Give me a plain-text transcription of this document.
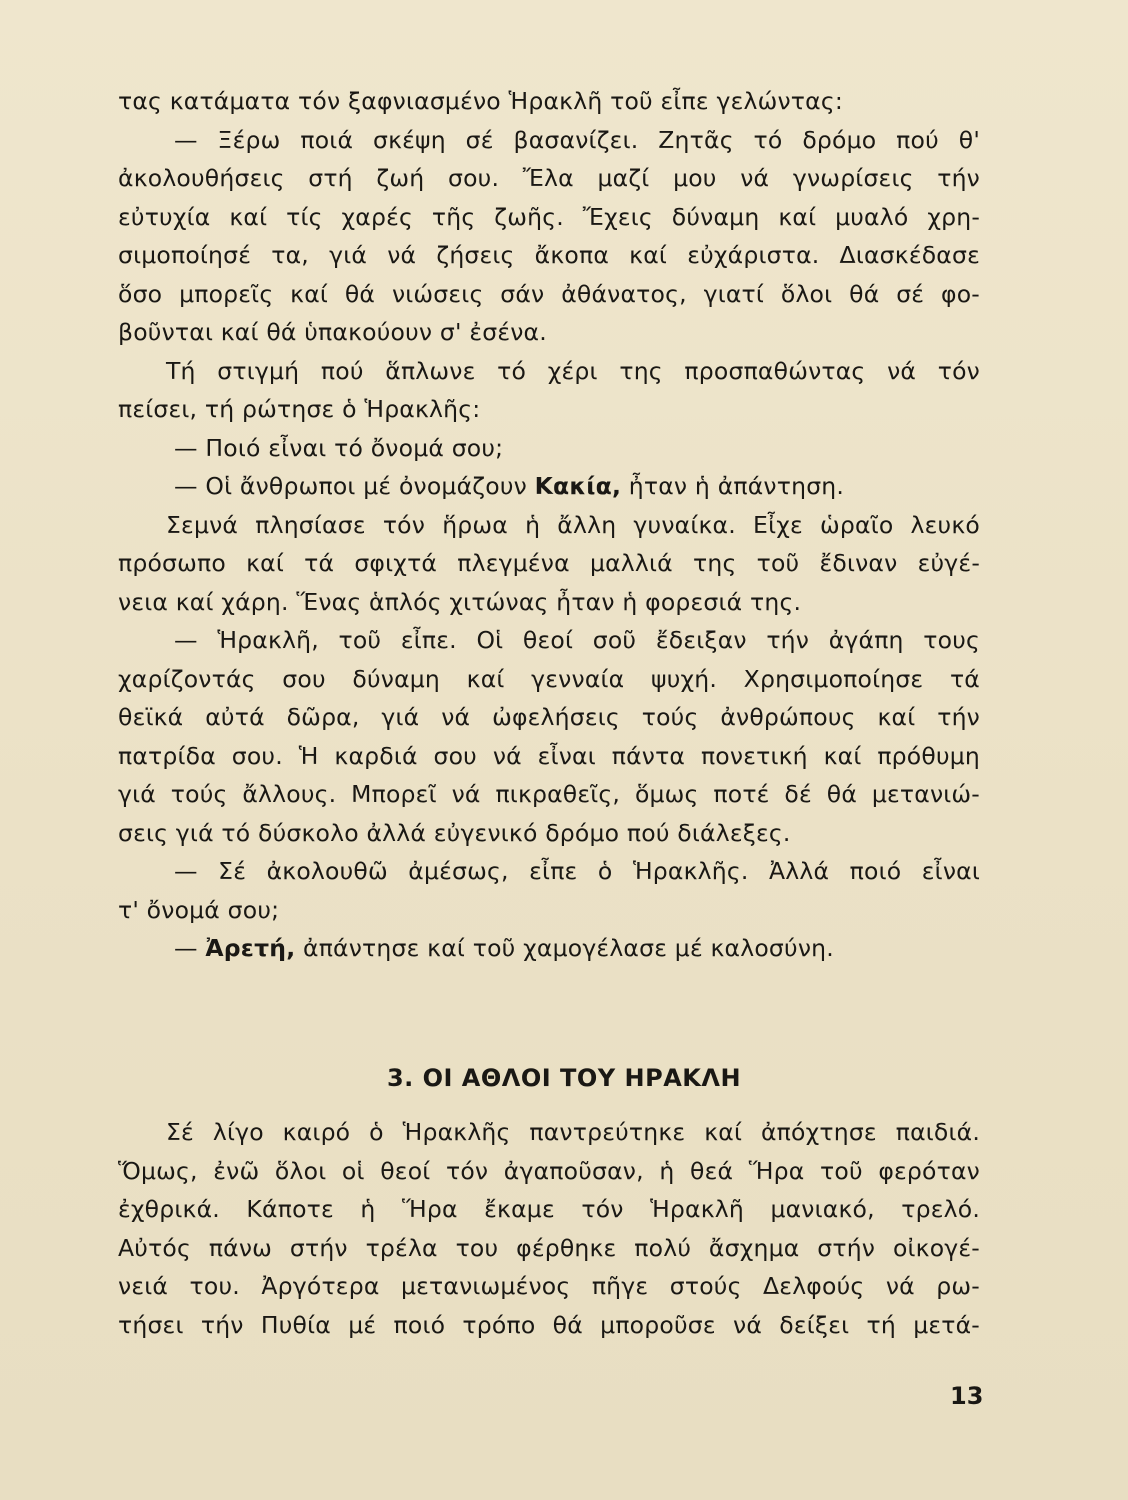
τας κατάματα τόν ξαφνιασμένο Ἡρακλῆ τοῦ εἶπε γελώντας:
— Ξέρω ποιά σκέψη σέ βασανίζει. Ζητᾶς τό δρόμο πού θ'
ἀκολουθήσεις στή ζωή σου. Ἔλα μαζί μου νά γνωρίσεις τήν
εὐτυχία καί τίς χαρές τῆς ζωῆς. Ἔχεις δύναμη καί μυαλό χρη-
σιμοποίησέ τα, γιά νά ζήσεις ἄκοπα καί εὐχάριστα. Διασκέδασε
ὅσο μπορεῖς καί θά νιώσεις σάν ἀθάνατος, γιατί ὅλοι θά σέ φο-
βοῦνται καί θά ὑπακούουν σ' ἐσένα.
Τή στιγμή πού ἅπλωνε τό χέρι της προσπαθώντας νά τόν
πείσει, τή ρώτησε ὁ Ἡρακλῆς:
— Ποιό εἶναι τό ὄνομά σου;
— Οἱ ἄνθρωποι μέ ὀνομάζουν Κακία, ἦταν ἡ ἀπάντηση.
Σεμνά πλησίασε τόν ἥρωα ἡ ἄλλη γυναίκα. Εἶχε ὡραῖο λευκό
πρόσωπο καί τά σφιχτά πλεγμένα μαλλιά της τοῦ ἔδιναν εὐγέ-
νεια καί χάρη. Ἕνας ἁπλός χιτώνας ἦταν ἡ φορεσιά της.
— Ἡρακλῆ, τοῦ εἶπε. Οἱ θεοί σοῦ ἔδειξαν τήν ἀγάπη τους
χαρίζοντάς σου δύναμη καί γενναία ψυχή. Χρησιμοποίησε τά
θεϊκά αὐτά δῶρα, γιά νά ὠφελήσεις τούς ἀνθρώπους καί τήν
πατρίδα σου. Ἡ καρδιά σου νά εἶναι πάντα πονετική καί πρόθυμη
γιά τούς ἄλλους. Μπορεῖ νά πικραθεῖς, ὅμως ποτέ δέ θά μετανιώ-
σεις γιά τό δύσκολο ἀλλά εὐγενικό δρόμο πού διάλεξες.
— Σέ ἀκολουθῶ ἀμέσως, εἶπε ὁ Ἡρακλῆς. Ἀλλά ποιό εἶναι
τ' ὄνομά σου;
— Ἀρετή, ἀπάντησε καί τοῦ χαμογέλασε μέ καλοσύνη.
3. ΟΙ ΑΘΛΟΙ ΤΟΥ ΗΡΑΚΛΗ
Σέ λίγο καιρό ὁ Ἡρακλῆς παντρεύτηκε καί ἀπόχτησε παιδιά.
Ὅμως, ἐνῶ ὅλοι οἱ θεοί τόν ἀγαποῦσαν, ἡ θεά Ἥρα τοῦ φερόταν
ἐχθρικά. Κάποτε ἡ Ἥρα ἔκαμε τόν Ἡρακλῆ μανιακό, τρελό.
Αὐτός πάνω στήν τρέλα του φέρθηκε πολύ ἄσχημα στήν οἰκογέ-
νειά του. Ἀργότερα μετανιωμένος πῆγε στούς Δελφούς νά ρω-
τήσει τήν Πυθία μέ ποιό τρόπο θά μποροῦσε νά δείξει τή μετά-
13
